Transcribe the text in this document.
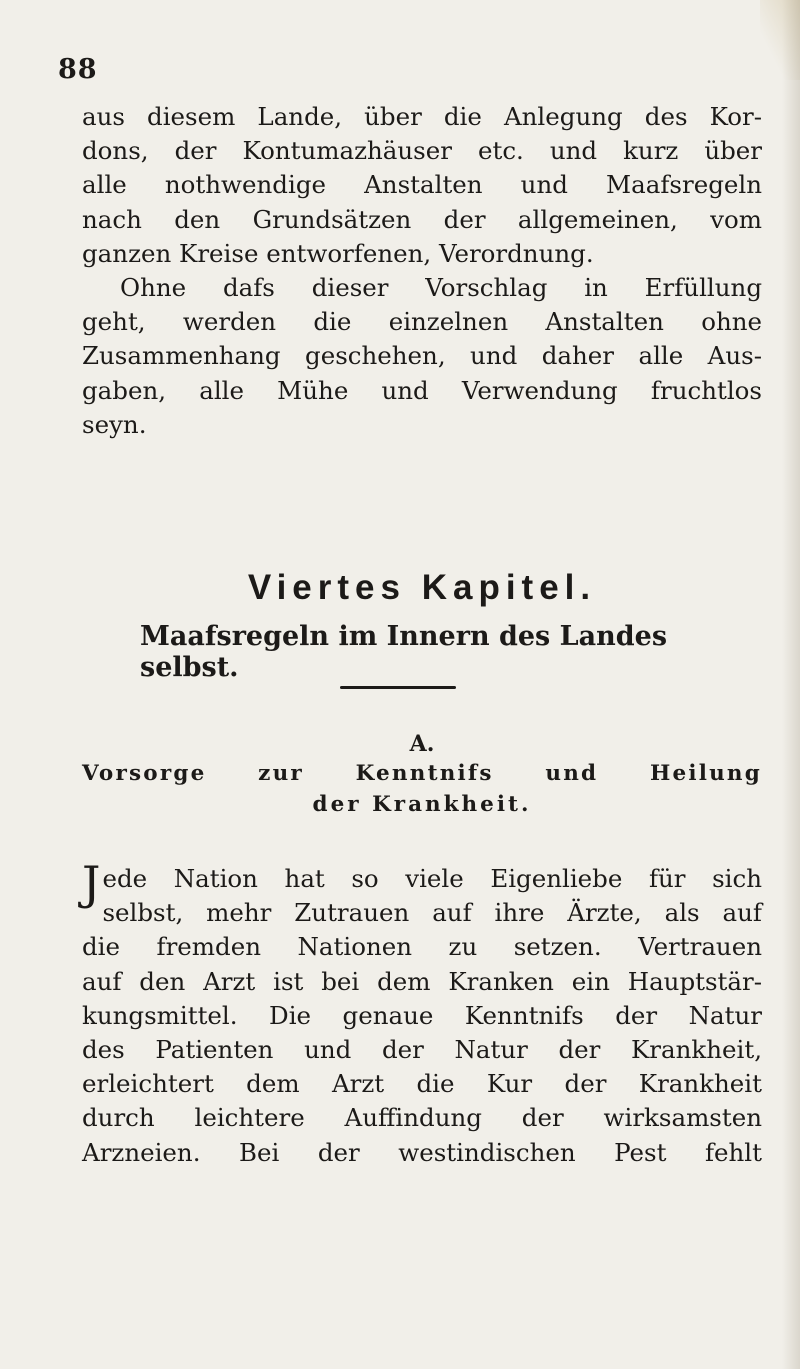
88
aus diesem Lande, über die Anlegung des Kor-
dons, der Kontumazhäuser etc. und kurz über
alle nothwendige Anstalten und Maafsregeln
nach den Grundsätzen der allgemeinen, vom
ganzen Kreise entworfenen, Verordnung.
Ohne dafs dieser Vorschlag in Erfüllung
geht, werden die einzelnen Anstalten ohne
Zusammenhang geschehen, und daher alle Aus-
gaben, alle Mühe und Verwendung fruchtlos
seyn.
Viertes Kapitel.
Maafsregeln im Innern des Landes selbst.
A.
Vorsorge zur Kenntnifs und Heilung
der Krankheit.
Jede Nation hat so viele Eigenliebe für sich
selbst, mehr Zutrauen auf ihre Ärzte, als auf
die fremden Nationen zu setzen. Vertrauen
auf den Arzt ist bei dem Kranken ein Hauptstär-
kungsmittel. Die genaue Kenntnifs der Natur
des Patienten und der Natur der Krankheit,
erleichtert dem Arzt die Kur der Krankheit
durch leichtere Auffindung der wirksamsten
Arzneien. Bei der westindischen Pest fehlt
